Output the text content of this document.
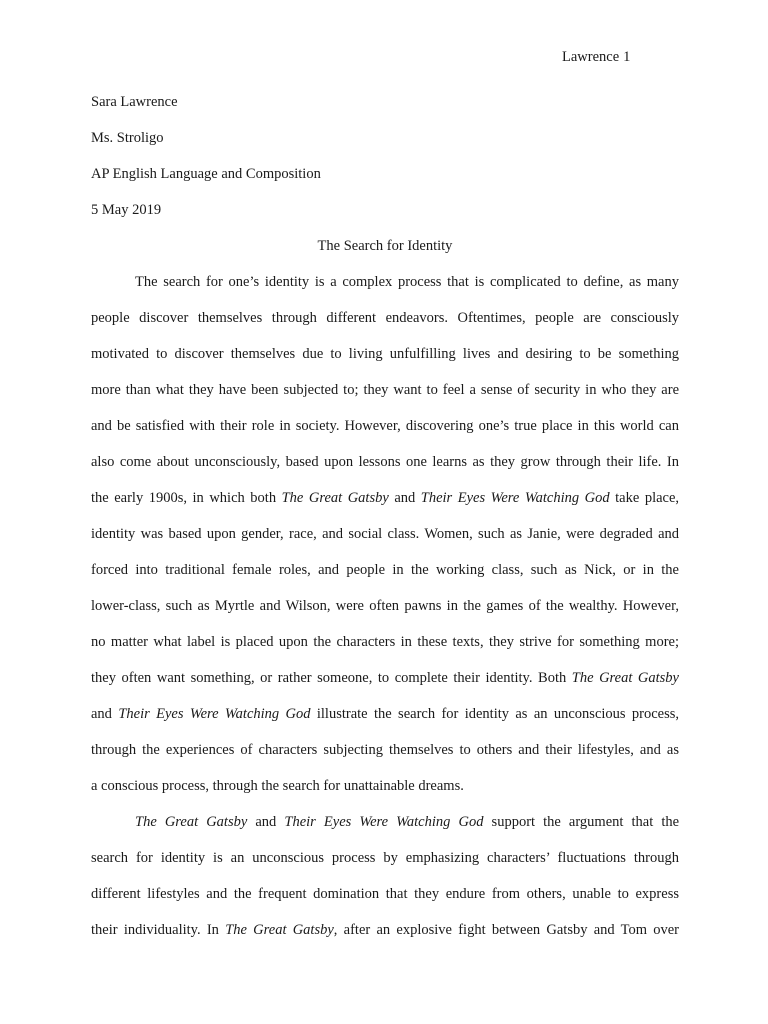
Lawrence 1
Sara Lawrence
Ms. Stroligo
AP English Language and Composition
5 May 2019
The Search for Identity
The search for one’s identity is a complex process that is complicated to define, as many
people discover themselves through different endeavors. Oftentimes, people are consciously
motivated to discover themselves due to living unfulfilling lives and desiring to be something
more than what they have been subjected to; they want to feel a sense of security in who they are
and be satisfied with their role in society. However, discovering one’s true place in this world can
also come about unconsciously, based upon lessons one learns as they grow through their life. In
the early 1900s, in which both The Great Gatsby and Their Eyes Were Watching God take place,
identity was based upon gender, race, and social class. Women, such as Janie, were degraded and
forced into traditional female roles, and people in the working class, such as Nick, or in the
lower-class, such as Myrtle and Wilson, were often pawns in the games of the wealthy. However,
no matter what label is placed upon the characters in these texts, they strive for something more;
they often want something, or rather someone, to complete their identity. Both The Great Gatsby
and Their Eyes Were Watching God illustrate the search for identity as an unconscious process,
through the experiences of characters subjecting themselves to others and their lifestyles, and as
a conscious process, through the search for unattainable dreams.
The Great Gatsby and Their Eyes Were Watching God support the argument that the
search for identity is an unconscious process by emphasizing characters’ fluctuations through
different lifestyles and the frequent domination that they endure from others, unable to express
their individuality. In The Great Gatsby, after an explosive fight between Gatsby and Tom over
